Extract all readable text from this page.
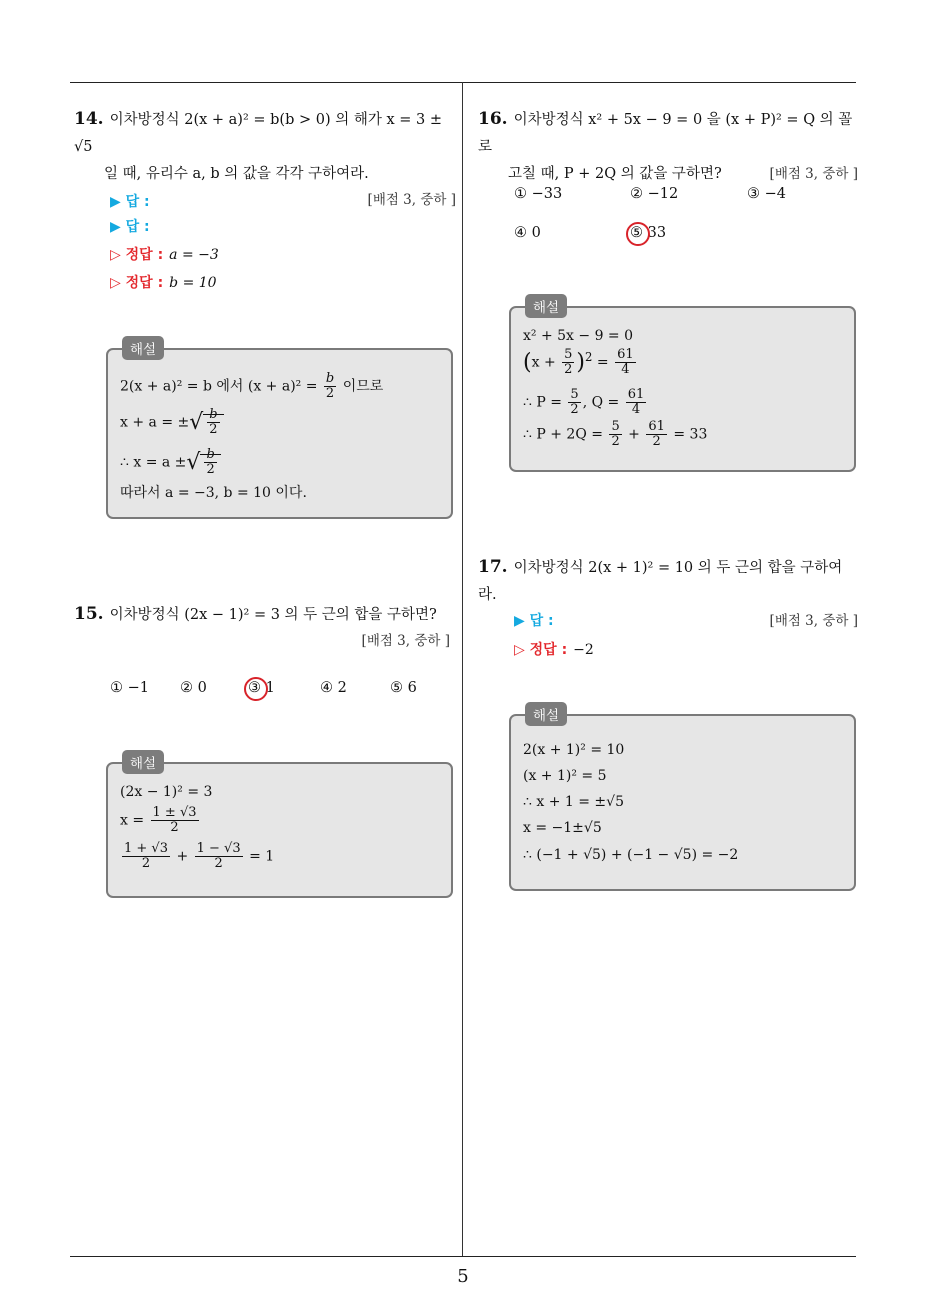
14. 이차방정식 2(x + a)² = b(b > 0) 의 해가 x = 3 ± √5
일 때, 유리수 a, b 의 값을 각각 구하여라.
[배점 3, 중하 ]
▶ 답 :
▶ 답 :
▷ 정답 : a = −3
▷ 정답 : b = 10
해설
2(x + a)² = b 에서 $(x + a)^2 = \frac{b}{2}$ 이므로
x + a = ±√ $\frac{b}{2}$
∴ x = a ±√ $\frac{b}{2}$
따라서 a = −3, b = 10 이다.
15. 이차방정식 (2x − 1)² = 3 의 두 근의 합을 구하면?
[배점 3, 중하 ]
① −1 ② 0	③ 1	④ 2	⑤ 6
해설
(2x − 1)² = 3
$x = \frac{1 \pm √3}{2}$
$\frac{1 + √3}{2} + \frac{1 - √3}{2} = 1$
16. 이차방정식 x² + 5x − 9 = 0 을 (x + P)² = Q 의 꼴로
고칠 때, P + 2Q 의 값을 구하면?	[배점 3, 중하 ]
① −33	② −12	③ −4
④ 0	⑤ 33
해설
x² + 5x − 9 = 0
$(x + \frac{5}{2} )^2 = \frac{61}{4}$
∴ $P = \frac{5}{2}$ , $Q = \frac{61}{4}$
∴ $P + 2Q = \frac{5}{2} + \frac{61}{2} = 33$
17. 이차방정식 2(x + 1)² = 10 의 두 근의 합을 구하여라.
[배점 3, 중하 ]
▶ 답 :
▷ 정답 : −2
해설
2(x + 1)² = 10
(x + 1)² = 5
∴ x + 1 = ±√5
x = −1±√5
∴ (−1 + √5) + (−1 − √5) = −2
5
